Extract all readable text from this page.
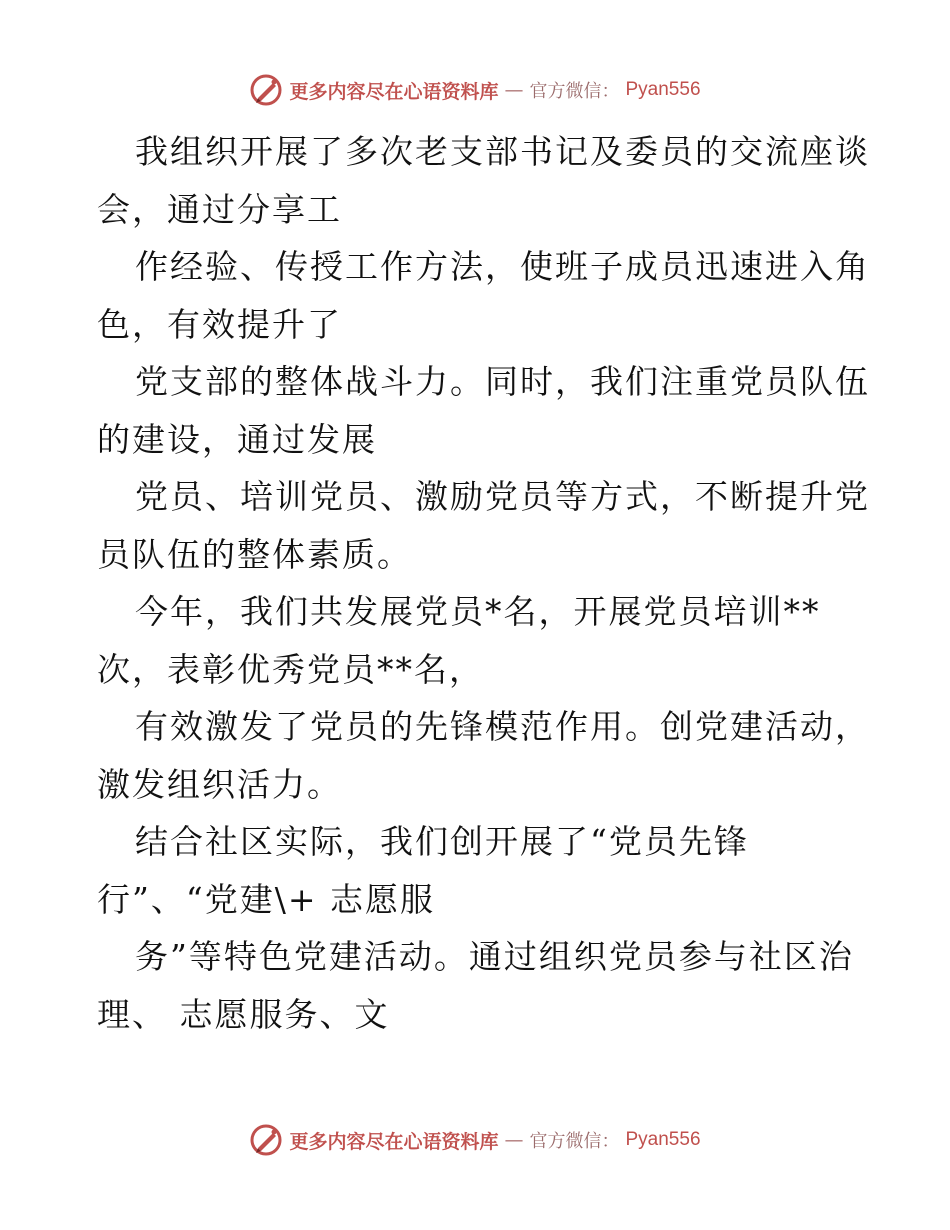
更多内容尽在心语资料库 — 官方微信： Pyan556
我组织开展了多次老支部书记及委员的交流座谈
会，通过分享工
作经验、传授工作方法，使班子成员迅速进入角
色，有效提升了
党支部的整体战斗力。同时，我们注重党员队伍
的建设，通过发展
党员、培训党员、激励党员等方式，不断提升党
员队伍的整体素质。
今年，我们共发展党员*名，开展党员培训**
次，表彰优秀党员**名，
有效激发了党员的先锋模范作用。创党建活动，
激发组织活力。
结合社区实际，我们创开展了“党员先锋
行”、“党建\+ 志愿服
务”等特色党建活动。通过组织党员参与社区治
理、 志愿服务、文
更多内容尽在心语资料库 — 官方微信： Pyan556
